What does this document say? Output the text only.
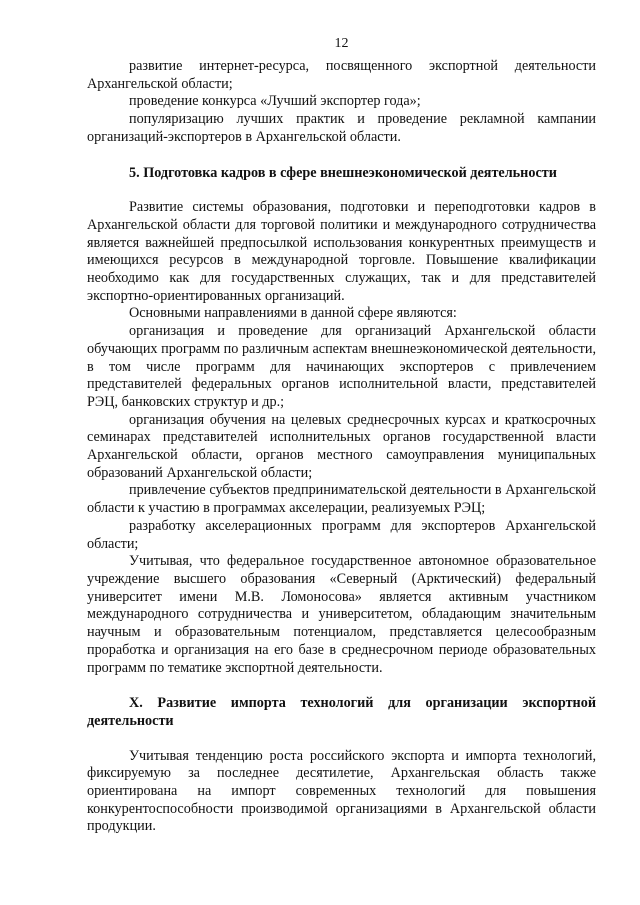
12

развитие интернет-ресурса, посвященного экспортной деятельности Архангельской области;

проведение конкурса «Лучший экспортер года»;

популяризацию лучших практик и проведение рекламной кампании организаций-экспортеров в Архангельской области.

5. Подготовка кадров в сфере внешнеэкономической деятельности

Развитие системы образования, подготовки и переподготовки кадров в Архангельской области для торговой политики и международного сотрудничества является важнейшей предпосылкой использования конкурентных преимуществ и имеющихся ресурсов в международной торговле. Повышение квалификации необходимо как для государственных служащих, так и для представителей экспортно-ориентированных организаций.

Основными направлениями в данной сфере являются:

организация и проведение для организаций Архангельской области обучающих программ по различным аспектам внешнеэкономической деятельности, в том числе программ для начинающих экспортеров с привлечением представителей федеральных органов исполнительной власти, представителей РЭЦ, банковских структур и др.;

организация обучения на целевых среднесрочных курсах и краткосрочных семинарах представителей исполнительных органов государственной власти Архангельской области, органов местного самоуправления муниципальных образований Архангельской области;

привлечение субъектов предпринимательской деятельности в Архангельской области к участию в программах акселерации, реализуемых РЭЦ;

разработку акселерационных программ для экспортеров Архангельской области;

Учитывая, что федеральное государственное автономное образовательное учреждение высшего образования «Северный (Арктический) федеральный университет имени М.В. Ломоносова» является активным участником международного сотрудничества и университетом, обладающим значительным научным и образовательным потенциалом, представляется целесообразным проработка и организация на его базе в среднесрочном периоде образовательных программ по тематике экспортной деятельности.

X. Развитие импорта технологий для организации экспортной деятельности

Учитывая тенденцию роста российского экспорта и импорта технологий, фиксируемую за последнее десятилетие, Архангельская область также ориентирована на импорт современных технологий для повышения конкурентоспособности производимой организациями в Архангельской области продукции.
